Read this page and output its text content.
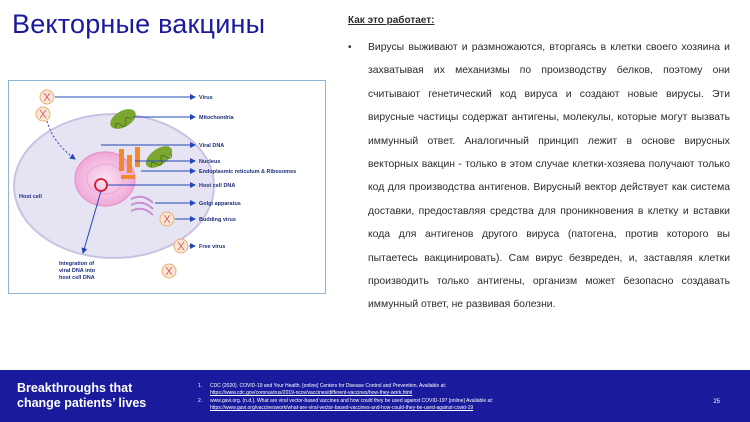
Векторные вакцины
Virus
Mitochondria
Viral DNA
Nucleus
Endoplasmic reticulum & Ribosomes
Host cell DNA
Golgi apparatus
Budding virus
Free virus
Host cell
Integration of
viral DNA into
host cell DNA
Как это работает:
•	Вирусы выживают и размножаются, вторгаясь в клетки своего хозяина и захватывая их механизмы по производству белков, поэтому они считывают генетический код вируса и создают новые вирусы. Эти вирусные частицы содержат антигены, молекулы, которые могут вызвать иммунный ответ. Аналогичный принцип лежит в основе вирусных векторных вакцин - только в этом случае клетки-хозяева получают только код для производства антигенов. Вирусный вектор действует как система доставки, предоставляя средства для проникновения в клетку и вставки кода для антигенов другого вируса (патогена, против которого вы пытаетесь вакцинировать). Сам вирус безвреден, и, заставляя клетки производить только антигены, организм может безопасно создавать иммунный ответ, не развивая болезни.

Breakthroughs that
change patients’ lives
1.	CDC (2020). COVID-19 and Your Health. [online] Centers for Disease Control and Prevention. Available at:
https://www.cdc.gov/coronavirus/2019-ncov/vaccines/different-vaccines/how-they-work.html
2.	www.gavi.org. (n.d.). What are viral vector-based vaccines and how could they be used against COVID-19? [online] Available at:
https://www.gavi.org/vaccineswork/what-are-viral-vector-based-vaccines-and-how-could-they-be-used-against-covid-19
25
